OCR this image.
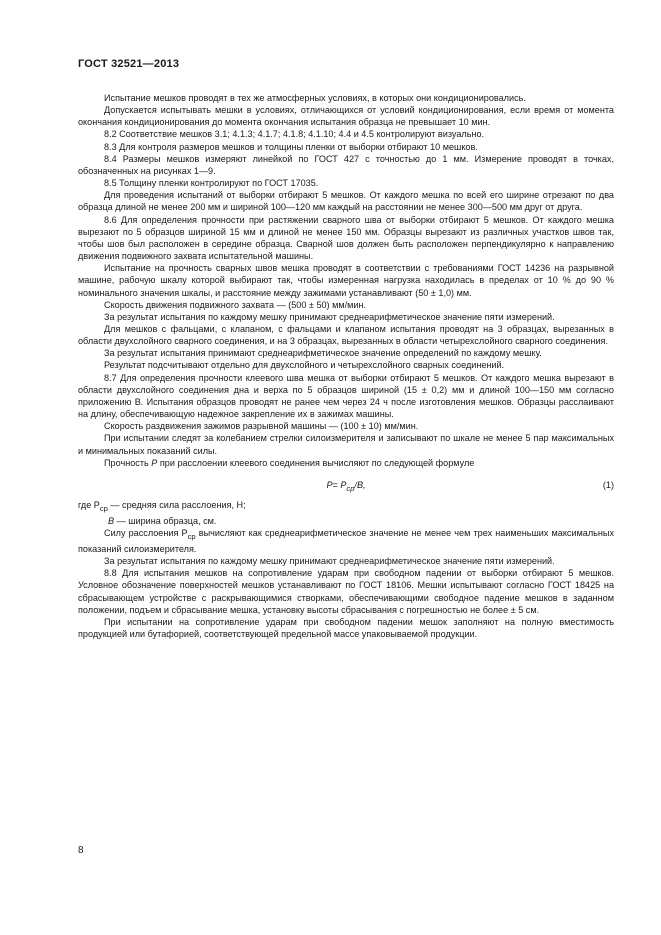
ГОСТ 32521—2013

Испытание мешков проводят в тех же атмосферных условиях, в которых они кондиционировались.

Допускается испытывать мешки в условиях, отличающихся от условий кондиционирования, если время от момента окончания кондиционирования до момента окончания испытания образца не превышает 10 мин.

8.2 Соответствие мешков 3.1; 4.1.3; 4.1.7; 4.1.8; 4.1.10; 4.4 и 4.5 контролируют визуально.

8.3 Для контроля размеров мешков и толщины пленки от выборки отбирают 10 мешков.

8.4 Размеры мешков измеряют линейкой по ГОСТ 427 с точностью до 1 мм. Измерение проводят в точках, обозначенных на рисунках 1—9.

8.5 Толщину пленки контролируют по ГОСТ 17035.

Для проведения испытаний от выборки отбирают 5 мешков. От каждого мешка по всей его ширине отрезают по два образца длиной не менее 200 мм и шириной 100—120 мм каждый на расстоянии не менее 300—500 мм друг от друга.

8.6 Для определения прочности при растяжении сварного шва от выборки отбирают 5 мешков. От каждого мешка вырезают по 5 образцов шириной 15 мм и длиной не менее 150 мм. Образцы вырезают из различных участков швов так, чтобы шов был расположен в середине образца. Сварной шов должен быть расположен перпендикулярно к направлению движения подвижного захвата испытательной машины.

Испытание на прочность сварных швов мешка проводят в соответствии с требованиями ГОСТ 14236 на разрывной машине, рабочую шкалу которой выбирают так, чтобы измеренная нагрузка находилась в пределах от 10 % до 90 % номинального значения шкалы, и расстояние между зажимами устанавливают (50 ± 1,0) мм.

Скорость движения подвижного захвата — (500 ± 50) мм/мин.

За результат испытания по каждому мешку принимают среднеарифметическое значение пяти измерений.

Для мешков с фальцами, с клапаном, с фальцами и клапаном испытания проводят на 3 образцах, вырезанных в области двухслойного сварного соединения, и на 3 образцах, вырезанных в области четырехслойного сварного соединения.

За результат испытания принимают среднеарифметическое значение определений по каждому мешку.

Результат подсчитывают отдельно для двухслойного и четырехслойного сварных соединений.

8.7 Для определения прочности клеевого шва мешка от выборки отбирают 5 мешков. От каждого мешка вырезают в области двухслойного соединения дна и верха по 5 образцов шириной (15 ± 0,2) мм и длиной 100—150 мм согласно приложению В. Испытания образцов проводят не ранее чем через 24 ч после изготовления мешков. Образцы расслаивают на длину, обеспечивающую надежное закрепление их в зажимах машины.

Скорость раздвижения зажимов разрывной машины — (100 ± 10) мм/мин.

При испытании следят за колебанием стрелки силоизмерителя и записывают по шкале не менее 5 пар максимальных и минимальных показаний силы.

Прочность P при расслоении клеевого соединения вычисляют по следующей формуле

$P= P_{ср}/B$,	(1)

где $P_{ср}$ — средняя сила расслоения, Н;

B — ширина образца, см.

Силу расслоения $P_{ср}$ вычисляют как среднеарифметическое значение не менее чем трех наименьших максимальных показаний силоизмерителя.

За результат испытания по каждому мешку принимают среднеарифметическое значение пяти измерений.

8.8 Для испытания мешков на сопротивление ударам при свободном падении от выборки отбирают 5 мешков. Условное обозначение поверхностей мешков устанавливают по ГОСТ 18106. Мешки испытывают согласно ГОСТ 18425 на сбрасывающем устройстве с раскрывающимися створками, обеспечивающими свободное падение мешков в заданном положении, подъем и сбрасывание мешка, установку высоты сбрасывания с погрешностью не более ± 5 см.

При испытании на сопротивление ударам при свободном падении мешок заполняют на полную вместимость продукцией или бутафорией, соответствующей предельной массе упаковываемой продукции.

8
